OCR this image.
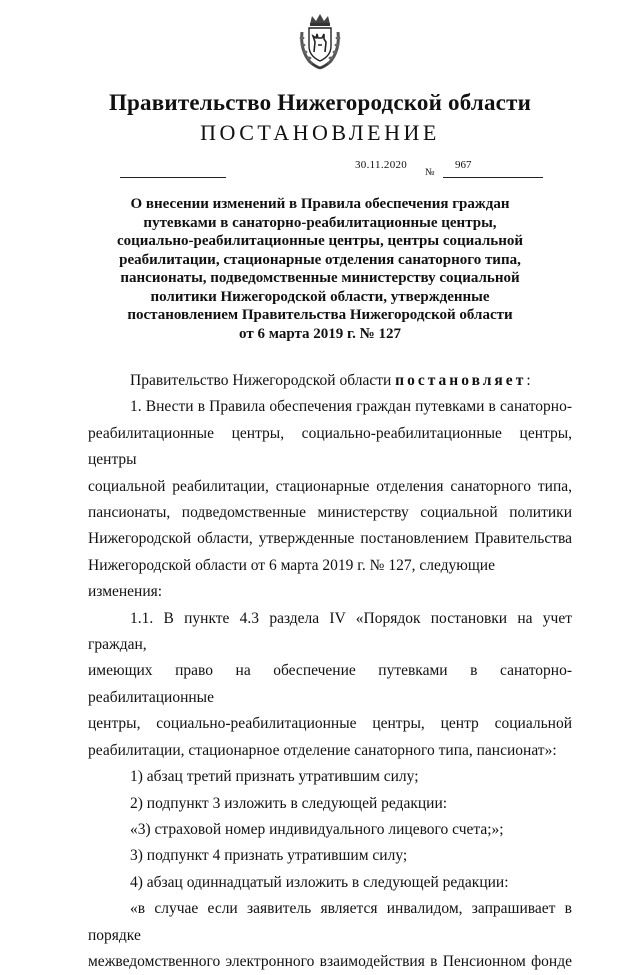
Правительство Нижегородской области
ПОСТАНОВЛЕНИЕ
30.11.2020
№
967
О внесении изменений в Правила обеспечения граждан
путевками в санаторно-реабилитационные центры,
социально-реабилитационные центры, центры социальной
реабилитации, стационарные отделения санаторного типа,
пансионаты, подведомственные министерству социальной
политики Нижегородской области, утвержденные
постановлением Правительства Нижегородской области
от 6 марта 2019 г. № 127

Правительство Нижегородской области постановляет:

1. Внести в Правила обеспечения граждан путевками в санаторно-

реабилитационные центры, социально-реабилитационные центры, центры

социальной реабилитации, стационарные отделения санаторного типа,

пансионаты, подведомственные министерству социальной политики

Нижегородской области, утвержденные постановлением Правительства

Нижегородской области от 6 марта 2019 г. № 127, следующие изменения:

1.1. В пункте 4.3 раздела IV «Порядок постановки на учет граждан,

имеющих право на обеспечение путевками в санаторно-реабилитационные

центры, социально-реабилитационные центры, центр социальной

реабилитации, стационарное отделение санаторного типа, пансионат»:

1) абзац третий признать утратившим силу;

2) подпункт 3 изложить в следующей редакции:

«3) страховой номер индивидуального лицевого счета;»;

3) подпункт 4 признать утратившим силу;

4) абзац одиннадцатый изложить в следующей редакции:

«в случае если заявитель является инвалидом, запрашивает в порядке

межведомственного электронного взаимодействия в Пенсионном фонде
